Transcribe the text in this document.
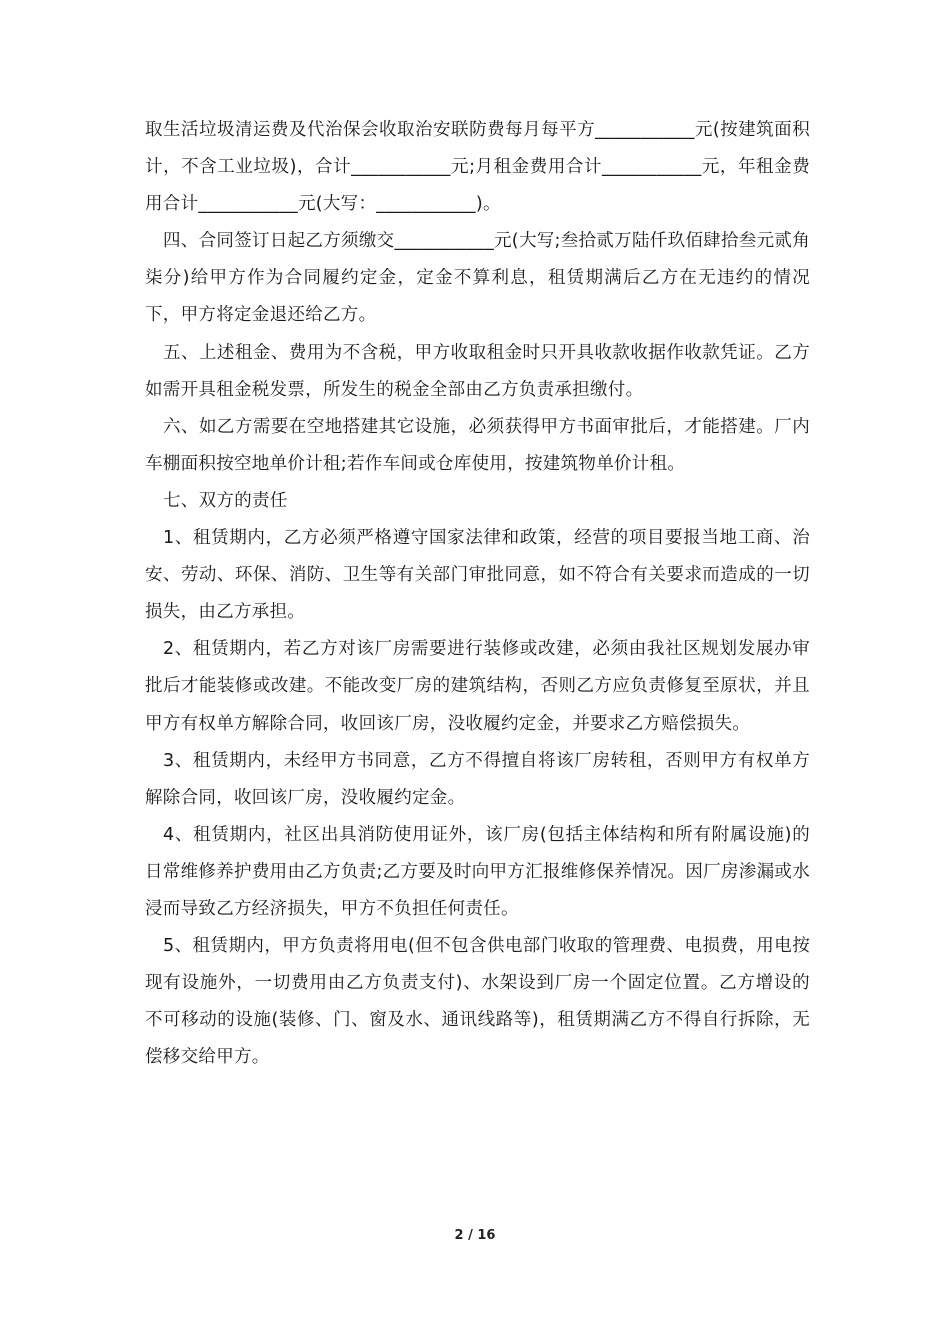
取生活垃圾清运费及代治保会收取治安联防费每月每平方___________元(按建筑面积计，不含工业垃圾)，合计___________元;月租金费用合计___________元，年租金费用合计___________元(大写：___________)。

四、合同签订日起乙方须缴交___________元(大写;叁拾贰万陆仟玖佰肆拾叁元贰角柒分)给甲方作为合同履约定金，定金不算利息，租赁期满后乙方在无违约的情况下，甲方将定金退还给乙方。

五、上述租金、费用为不含税，甲方收取租金时只开具收款收据作收款凭证。乙方如需开具租金税发票，所发生的税金全部由乙方负责承担缴付。

六、如乙方需要在空地搭建其它设施，必须获得甲方书面审批后，才能搭建。厂内车棚面积按空地单价计租;若作车间或仓库使用，按建筑物单价计租。

七、双方的责任

1、租赁期内，乙方必须严格遵守国家法律和政策，经营的项目要报当地工商、治安、劳动、环保、消防、卫生等有关部门审批同意，如不符合有关要求而造成的一切损失，由乙方承担。

2、租赁期内，若乙方对该厂房需要进行装修或改建，必须由我社区规划发展办审批后才能装修或改建。不能改变厂房的建筑结构，否则乙方应负责修复至原状，并且甲方有权单方解除合同，收回该厂房，没收履约定金，并要求乙方赔偿损失。

3、租赁期内，未经甲方书同意，乙方不得擅自将该厂房转租，否则甲方有权单方解除合同，收回该厂房，没收履约定金。

4、租赁期内，社区出具消防使用证外，该厂房(包括主体结构和所有附属设施)的日常维修养护费用由乙方负责;乙方要及时向甲方汇报维修保养情况。因厂房渗漏或水浸而导致乙方经济损失，甲方不负担任何责任。

5、租赁期内，甲方负责将用电(但不包含供电部门收取的管理费、电损费，用电按现有设施外，一切费用由乙方负责支付)、水架设到厂房一个固定位置。乙方增设的不可移动的设施(装修、门、窗及水、通讯线路等)，租赁期满乙方不得自行拆除，无偿移交给甲方。

2 / 16
